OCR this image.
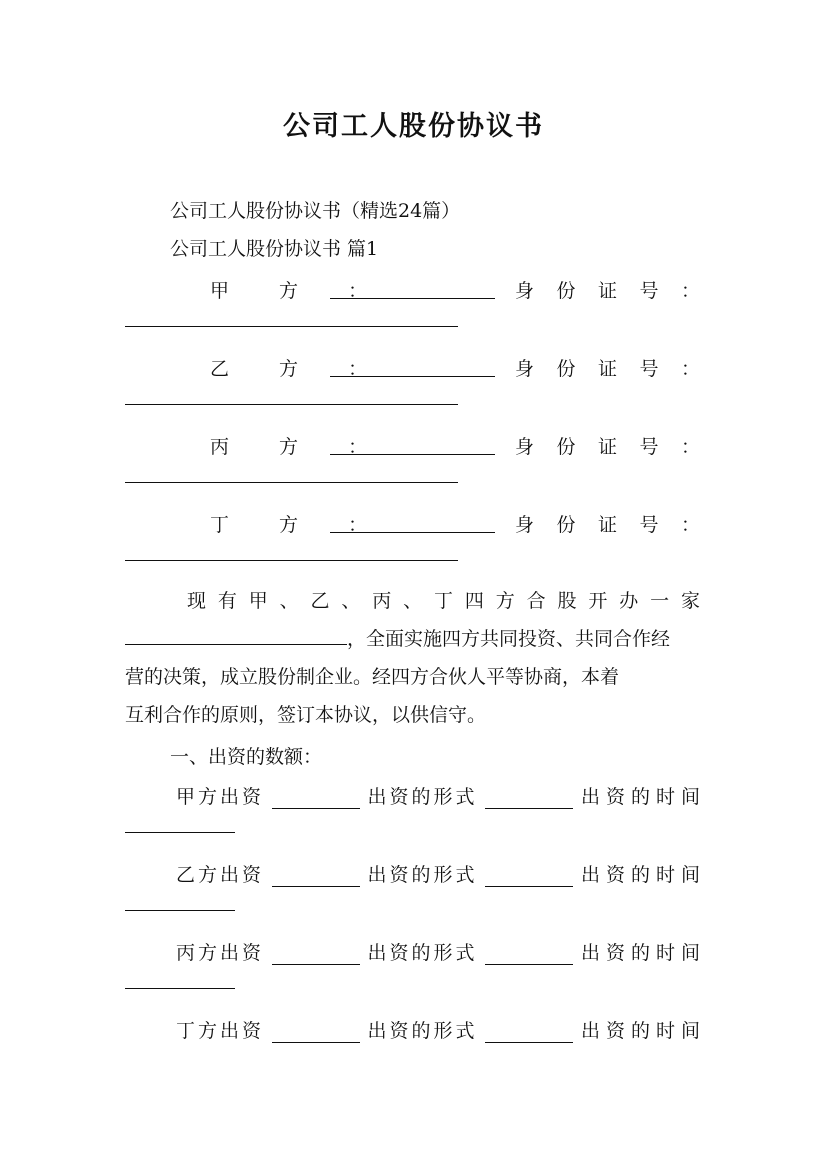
公司工人股份协议书
公司工人股份协议书（精选24篇）
公司工人股份协议书 篇1
甲 方 ：	身 份 证 号 ：
乙 方 ：	身 份 证 号 ：
丙 方 ：	身 份 证 号 ：
丁 方 ：	身 份 证 号 ：
现 有 甲 、 乙 、 丙 、 丁 四 方 合 股 开 办 一 家
，全面实施四方共同投资、共同合作经
营的决策，成立股份制企业。经四方合伙人平等协商，本着
互利合作的原则，签订本协议，以供信守。
一、出资的数额：
甲方出资	出资的形式	出资的时间
乙方出资	出资的形式	出资的时间
丙方出资	出资的形式	出资的时间
丁方出资	出资的形式	出资的时间
